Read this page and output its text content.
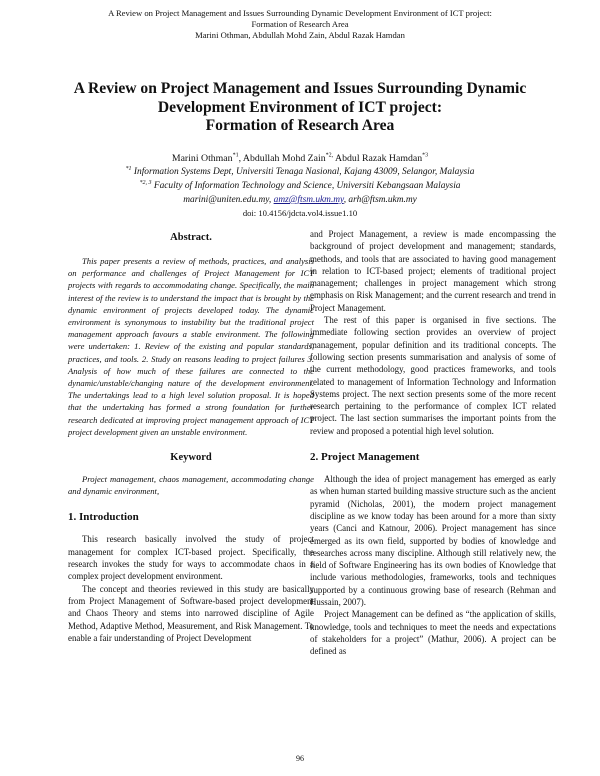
A Review on Project Management and Issues Surrounding Dynamic Development Environment of ICT project:
Formation of Research Area
Marini Othman, Abdullah Mohd Zain, Abdul Razak Hamdan
A Review on Project Management and Issues Surrounding Dynamic
Development Environment of ICT project:
Formation of Research Area
Marini Othman$^{*1}$, Abdullah Mohd Zain$^{*2,}$ Abdul Razak Hamdan$^{*3}$
$^{*1}$ Information Systems Dept, Universiti Tenaga Nasional, Kajang 43009, Selangor, Malaysia
$^{*2, 3}$ Faculty of Information Technology and Science, Universiti Kebangsaan Malaysia
marini@uniten.edu.my, amz@ftsm.ukm.my, arh@ftsm.ukm.my
doi: 10.4156/jdcta.vol4.issue1.10
Abstract.

This paper presents a review of methods, practices, and analysis on performance and challenges of Project Management for ICT projects with regards to accommodating change. Specifically, the main interest of the review is to understand the impact that is brought by the dynamic environment of projects developed today. The dynamic environment is synonymous to instability but the traditional project management approach favours a stable environment. The following were undertaken: 1. Review of the existing and popular standards, practices, and tools. 2. Study on reasons leading to project failures 3. Analysis of how much of these failures are connected to the dynamic/unstable/changing nature of the development environment. The undertakings lead to a high level solution proposal. It is hoped that the undertaking has formed a strong foundation for further research dedicated at improving project management approach of ICT project development given an unstable environment.

Keyword

Project management, chaos management, accommodating change and dynamic environment,

1. Introduction

This research basically involved the study of project management for complex ICT-based project. Specifically, the research invokes the study for ways to accommodate chaos in a complex project development environment.

The concept and theories reviewed in this study are basically from Project Management of Software-based project development and Chaos Theory and stems into narrowed discipline of Agile Method, Adaptive Method, Measurement, and Risk Management. To enable a fair understanding of Project Development

and Project Management, a review is made encompassing the background of project development and management; standards, methods, and tools that are associated to having good management in relation to ICT-based project; elements of traditional project management; challenges in project management which strong emphasis on Risk Management; and the current research and trend in Project Management.

The rest of this paper is organised in five sections. The immediate following section provides an overview of project management, popular definition and its traditional concepts. The following section presents summarisation and analysis of some of the current methodology, good practices frameworks, and tools related to management of Information Technology and Information Systems project. The next section presents some of the more recent research pertaining to the performance of complex ICT related project. The last section summarises the important points from the review and proposed a potential high level solution.

2. Project Management

Although the idea of project management has emerged as early as when human started building massive structure such as the ancient pyramid (Nicholas, 2001), the modern project management discipline as we know today has been around for a more than sixty years (Canci and Katnour, 2006). Project management has since emerged as its own field, supported by bodies of knowledge and researches across many discipline. Although still relatively new, the field of Software Engineering has its own bodies of Knowledge that include various methodologies, frameworks, tools and techniques supported by a continuous growing base of research (Rehman and Hussain, 2007).

Project Management can be defined as “the application of skills, knowledge, tools and techniques to meet the needs and expectations of stakeholders for a project” (Mathur, 2006). A project can be defined as

96
